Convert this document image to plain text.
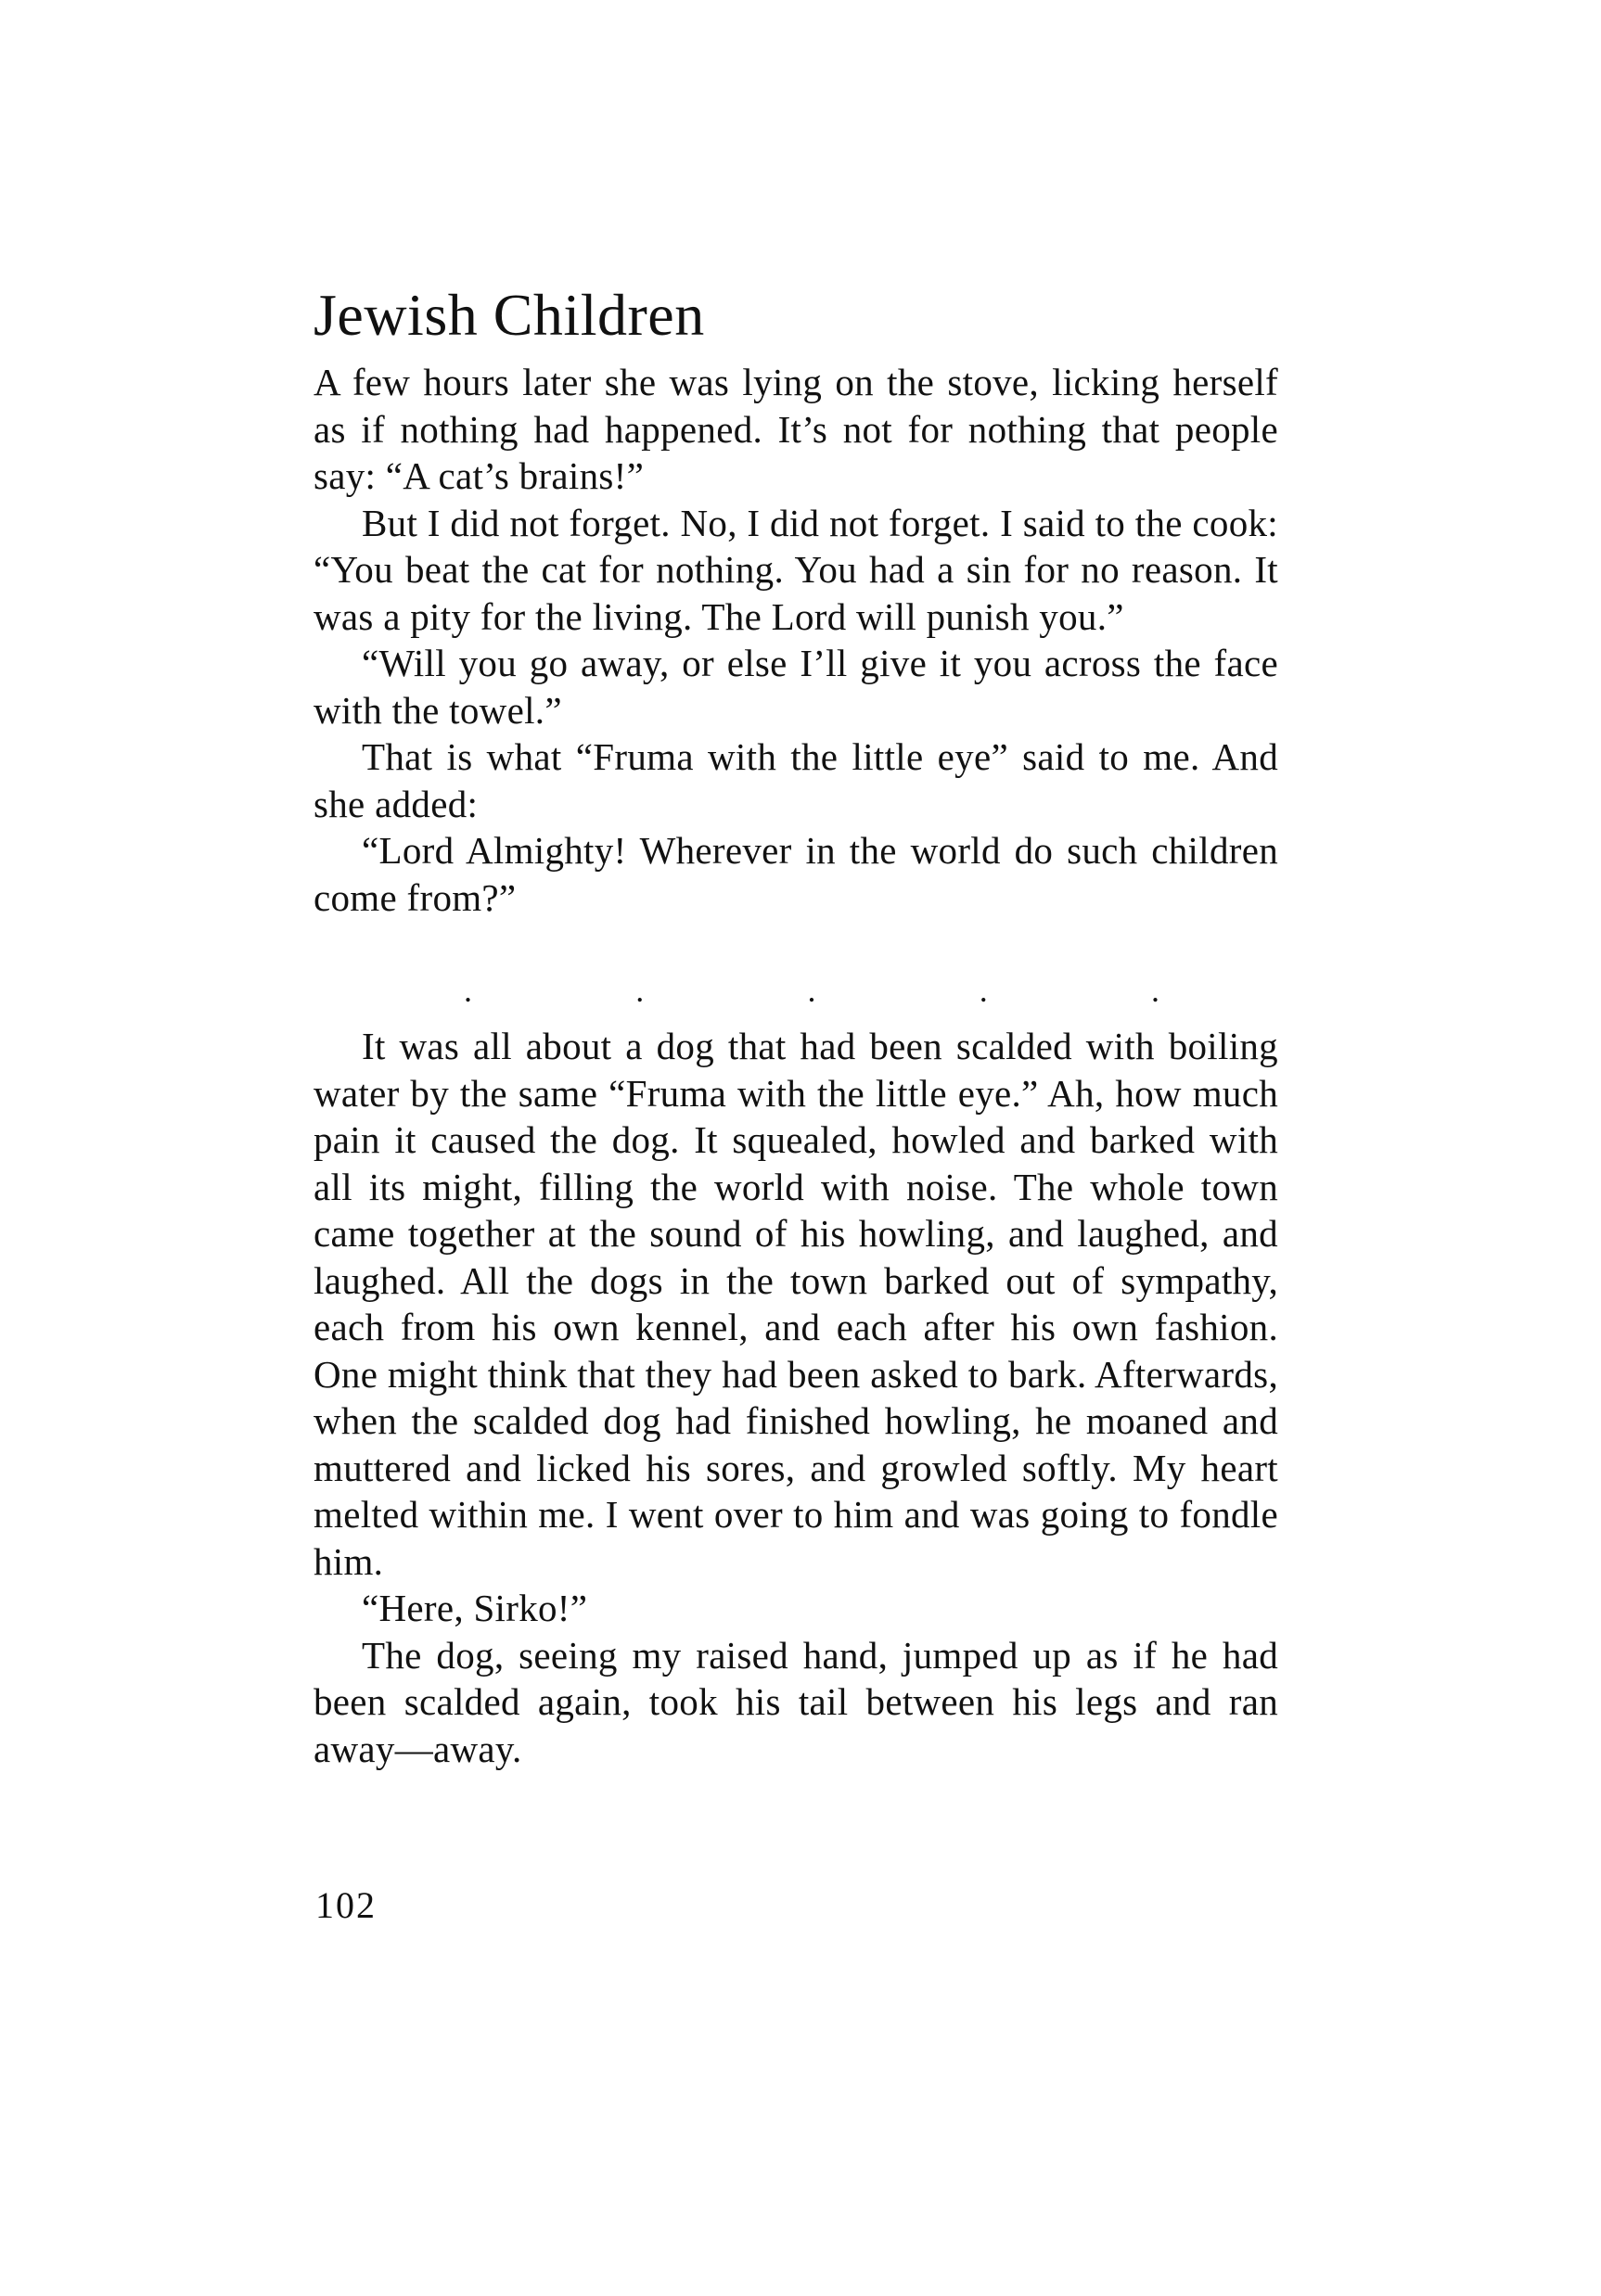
Jewish Children

A few hours later she was lying on the stove, licking herself as if nothing had happened. It’s not for nothing that people say: “A cat’s brains!”

But I did not forget. No, I did not forget. I said to the cook: “You beat the cat for nothing. You had a sin for no reason. It was a pity for the living. The Lord will punish you.”

“Will you go away, or else I’ll give it you across the face with the towel.”

That is what “Fruma with the little eye” said to me. And she added:

“Lord Almighty! Wherever in the world do such children come from?”

.	.	.	.	.

It was all about a dog that had been scalded with boiling water by the same “Fruma with the little eye.” Ah, how much pain it caused the dog. It squealed, howled and barked with all its might, filling the world with noise. The whole town came together at the sound of his howling, and laughed, and laughed. All the dogs in the town barked out of sympathy, each from his own kennel, and each after his own fashion. One might think that they had been asked to bark. Afterwards, when the scalded dog had finished howling, he moaned and muttered and licked his sores, and growled softly. My heart melted within me. I went over to him and was going to fondle him.

“Here, Sirko!”

The dog, seeing my raised hand, jumped up as if he had been scalded again, took his tail between his legs and ran away—away.

102
